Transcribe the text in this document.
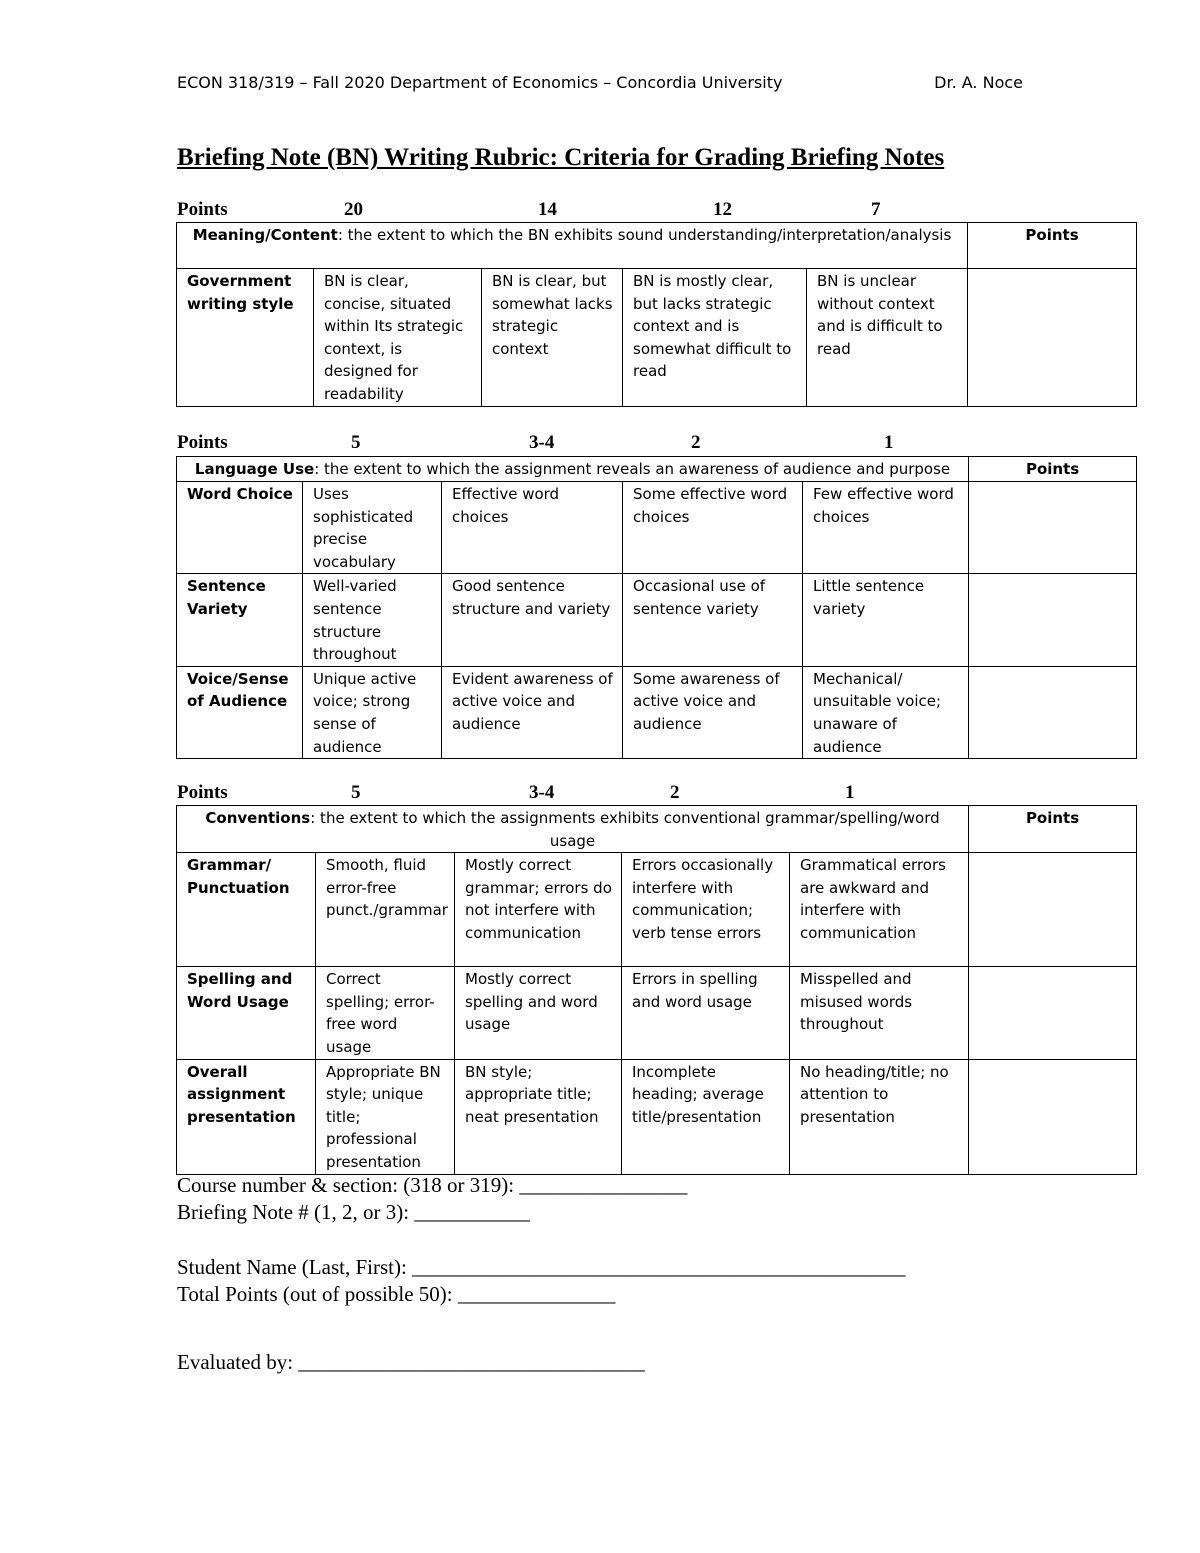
ECON 318/319 – Fall 2020 Department of Economics – Concordia University	Dr. A. Noce
Briefing Note (BN) Writing Rubric: Criteria for Grading Briefing Notes
Points	20	14	12	7
Meaning/Content: the extent to which the BN exhibits sound understanding/interpretation/analysis					Points
Government writing style	BN is clear, concise, situated within Its strategic context, is designed for readability	BN is clear, but somewhat lacks strategic context	BN is mostly clear, but lacks strategic context and is somewhat difficult to read	BN is unclear without context and is difficult to read	
Points	5	3-4	2	1
Language Use: the extent to which the assignment reveals an awareness of audience and purpose					Points
Word Choice	Uses sophisticated precise vocabulary	Effective word choices	Some effective word choices	Few effective word choices	
Sentence Variety	Well-varied sentence structure throughout	Good sentence structure and variety	Occasional use of sentence variety	Little sentence variety	
Voice/Sense of Audience	Unique active voice; strong sense of audience	Evident awareness of active voice and audience	Some awareness of active voice and audience	Mechanical/ unsuitable voice; unaware of audience	
Points	5	3-4	2	1
Conventions: the extent to which the assignments exhibits conventional grammar/spelling/word usage					Points
Grammar/ Punctuation	Smooth, fluid error-free punct./grammar	Mostly correct grammar; errors do not interfere with communication	Errors occasionally interfere with communication; verb tense errors	Grammatical errors are awkward and interfere with communication	
Spelling and Word Usage	Correct spelling; error-free word usage	Mostly correct spelling and word usage	Errors in spelling and word usage	Misspelled and misused words throughout	
Overall assignment presentation	Appropriate BN style; unique title; professional presentation	BN style; appropriate title; neat presentation	Incomplete heading; average title/presentation	No heading/title; no attention to presentation	
Course number & section: (318 or 319): ________________
Briefing Note # (1, 2, or 3): ___________
Student Name (Last, First): _______________________________________________
Total Points (out of possible 50): _______________
Evaluated by: _________________________________
